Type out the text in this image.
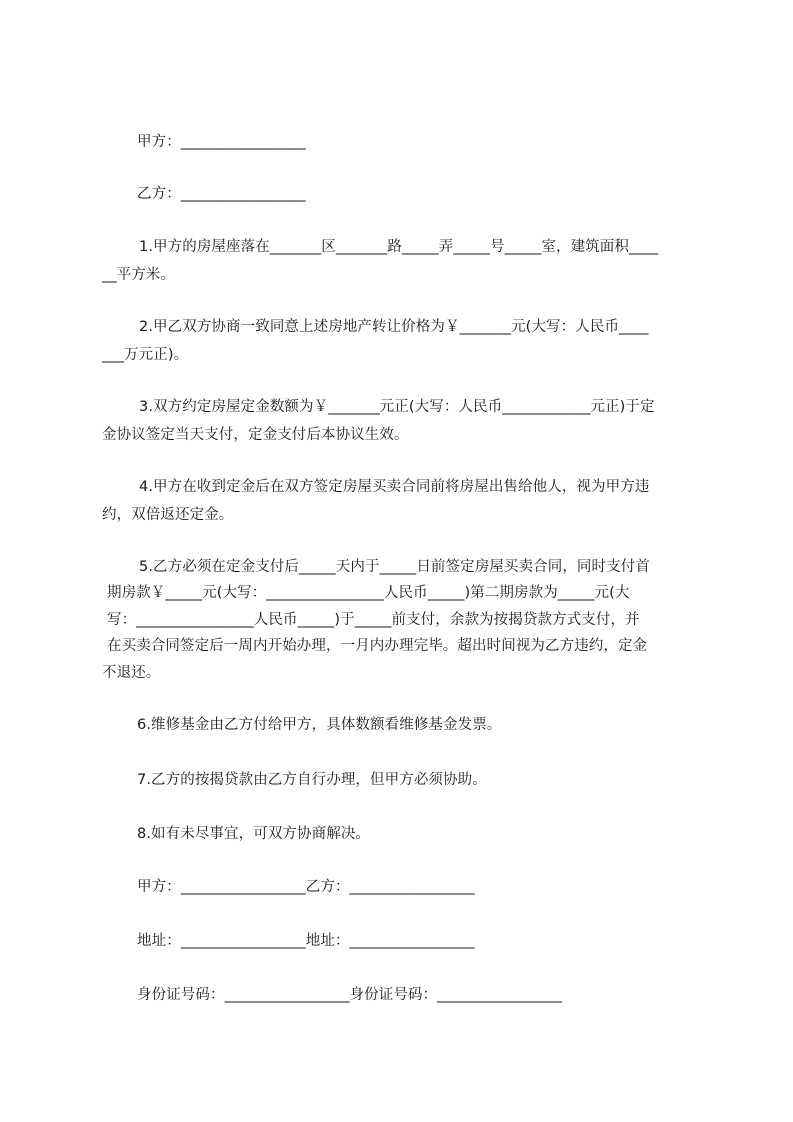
甲方：_________________
乙方：_________________
1.甲方的房屋座落在_______区_______路_____弄_____号_____室，建筑面积____
__平方米。
2.甲乙双方协商一致同意上述房地产转让价格为￥_______元(大写：人民币____
___万元正)。
3.双方约定房屋定金数额为￥_______元正(大写：人民币____________元正)于定
金协议签定当天支付，定金支付后本协议生效。
4.甲方在收到定金后在双方签定房屋买卖合同前将房屋出售给他人，视为甲方违
约，双倍返还定金。
5.乙方必须在定金支付后_____天内于_____日前签定房屋买卖合同，同时支付首
期房款￥_____元(大写：________________人民币_____)第二期房款为_____元(大
写：________________人民币_____)于_____前支付，余款为按揭贷款方式支付，并
在买卖合同签定后一周内开始办理，一月内办理完毕。超出时间视为乙方违约，定金
不退还。
6.维修基金由乙方付给甲方，具体数额看维修基金发票。
7.乙方的按揭贷款由乙方自行办理，但甲方必须协助。
8.如有未尽事宜，可双方协商解决。
甲方：_________________乙方：_________________
地址：_________________地址：_________________
身份证号码：_________________身份证号码：_________________
